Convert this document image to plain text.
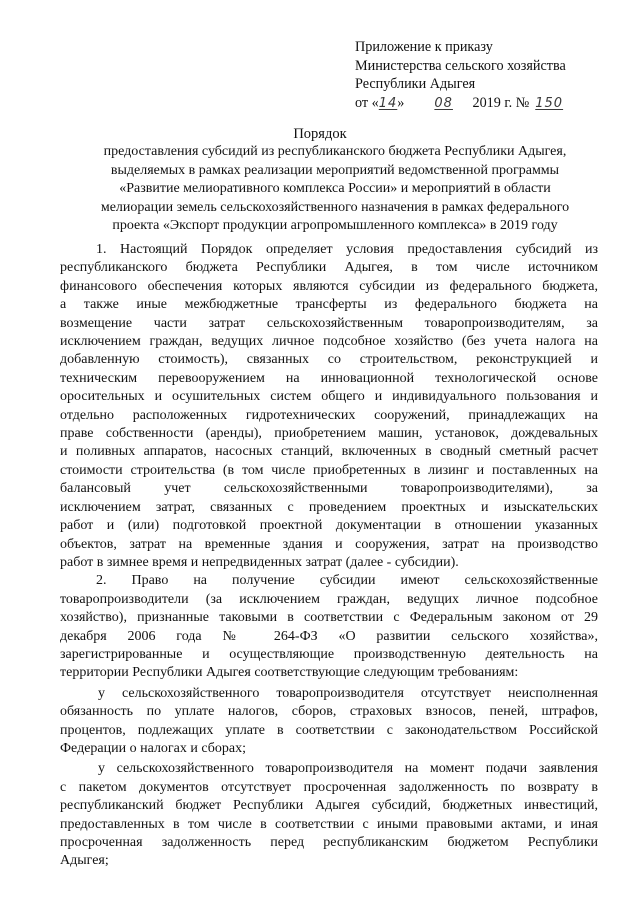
Приложение к приказу
Министерства сельского хозяйства
Республики Адыгея
от «14» 08 2019 г. № 150
Порядок
предоставления субсидий из республиканского бюджета Республики Адыгея,
выделяемых в рамках реализации мероприятий ведомственной программы
«Развитие мелиоративного комплекса России» и мероприятий в области
мелиорации земель сельскохозяйственного назначения в рамках федерального
проекта «Экспорт продукции агропромышленного комплекса» в 2019 году
1. Настоящий Порядок определяет условия предоставления субсидий из
республиканского бюджета Республики Адыгея, в том числе источником
финансового обеспечения которых являются субсидии из федерального бюджета,
а также иные межбюджетные трансферты из федерального бюджета на
возмещение части затрат сельскохозяйственным товаропроизводителям, за
исключением граждан, ведущих личное подсобное хозяйство (без учета налога на
добавленную стоимость), связанных со строительством, реконструкцией и
техническим перевооружением на инновационной технологической основе
оросительных и осушительных систем общего и индивидуального пользования и
отдельно расположенных гидротехнических сооружений, принадлежащих на
праве собственности (аренды), приобретением машин, установок, дождевальных
и поливных аппаратов, насосных станций, включенных в сводный сметный расчет
стоимости строительства (в том числе приобретенных в лизинг и поставленных на
балансовый учет сельскохозяйственными товаропроизводителями), за
исключением затрат, связанных с проведением проектных и изыскательских
работ и (или) подготовкой проектной документации в отношении указанных
объектов, затрат на временные здания и сооружения, затрат на производство
работ в зимнее время и непредвиденных затрат (далее - субсидии).
2. Право на получение субсидии имеют сельскохозяйственные
товаропроизводители (за исключением граждан, ведущих личное подсобное
хозяйство), признанные таковыми в соответствии с Федеральным законом от 29
декабря 2006 года № 264-ФЗ «О развитии сельского хозяйства»,
зарегистрированные и осуществляющие производственную деятельность на
территории Республики Адыгея соответствующие следующим требованиям:
у сельскохозяйственного товаропроизводителя отсутствует неисполненная
обязанность по уплате налогов, сборов, страховых взносов, пеней, штрафов,
процентов, подлежащих уплате в соответствии с законодательством Российской
Федерации о налогах и сборах;
у сельскохозяйственного товаропроизводителя на момент подачи заявления
с пакетом документов отсутствует просроченная задолженность по возврату в
республиканский бюджет Республики Адыгея субсидий, бюджетных инвестиций,
предоставленных в том числе в соответствии с иными правовыми актами, и иная
просроченная задолженность перед республиканским бюджетом Республики
Адыгея;
